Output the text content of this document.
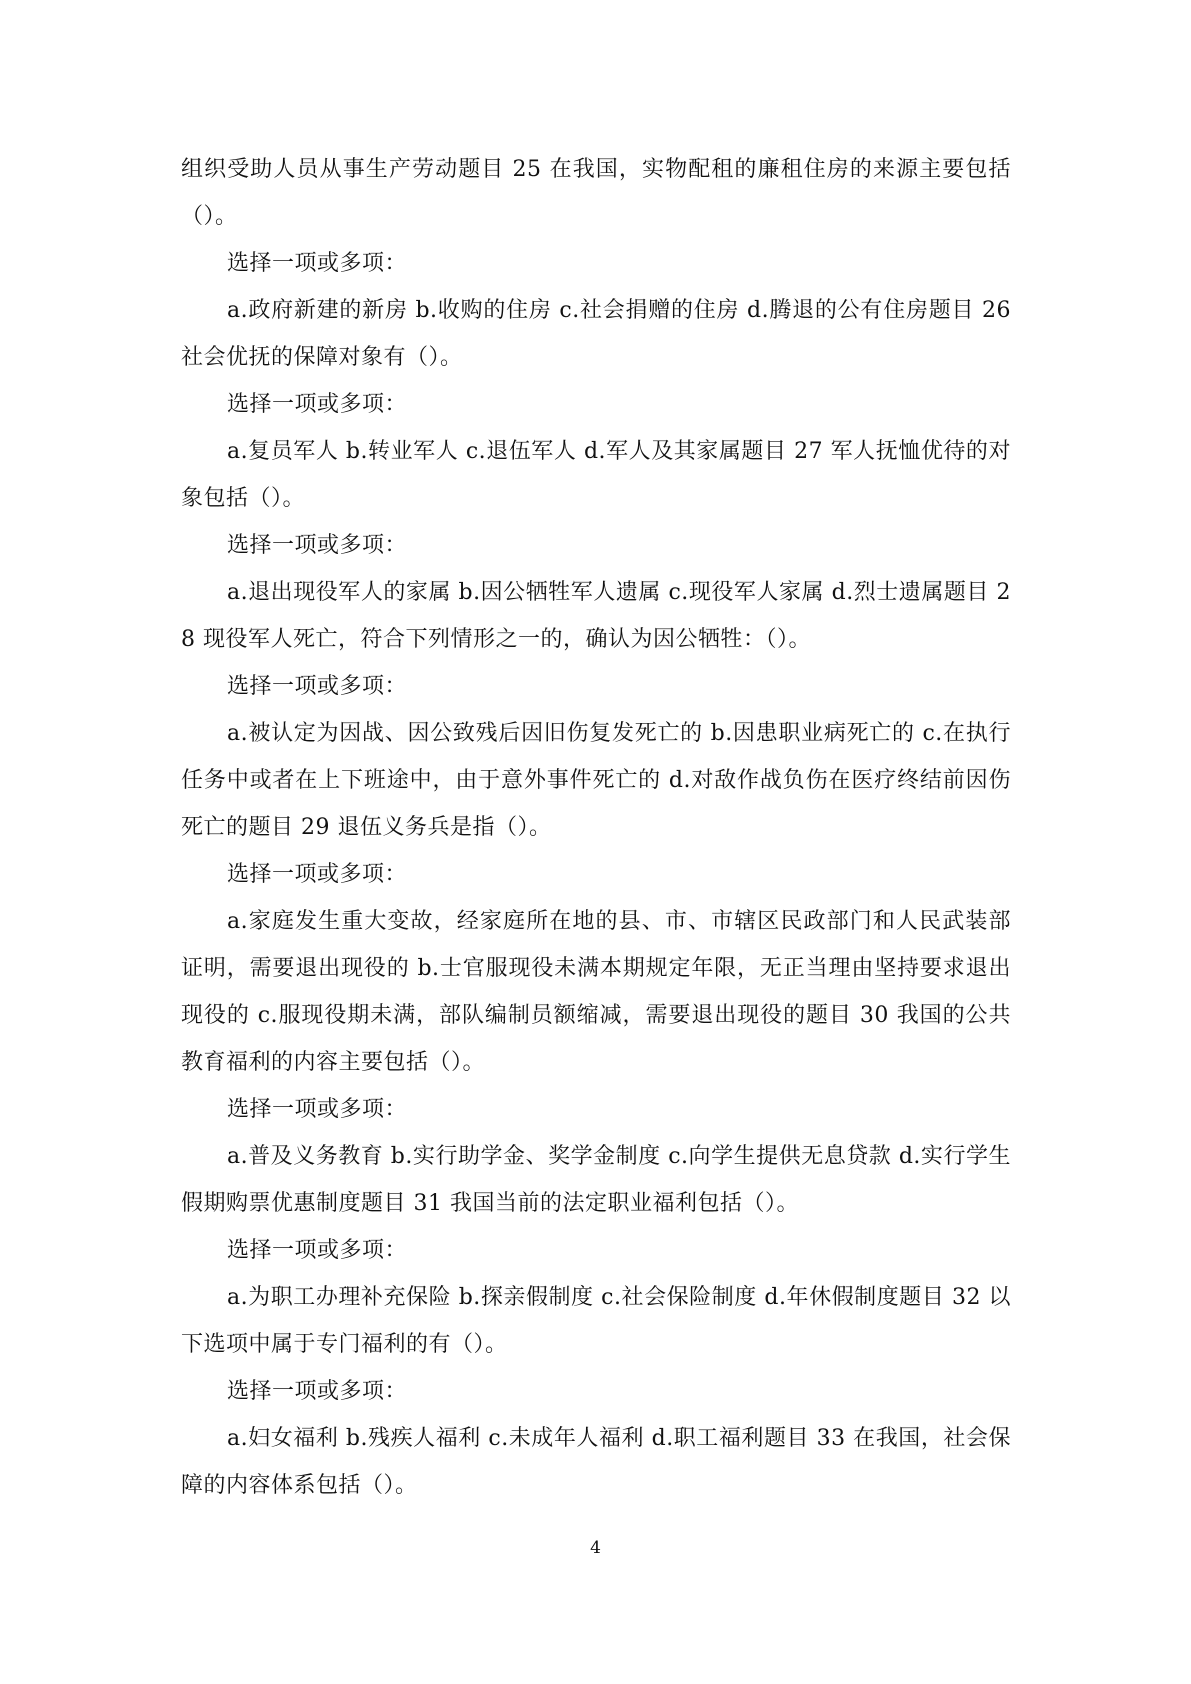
组织受助人员从事生产劳动题目 25 在我国，实物配租的廉租住房的来源主要包括（）。

选择一项或多项：

a.政府新建的新房 b.收购的住房 c.社会捐赠的住房 d.腾退的公有住房题目 26 社会优抚的保障对象有（）。

选择一项或多项：

a.复员军人 b.转业军人 c.退伍军人 d.军人及其家属题目 27 军人抚恤优待的对象包括（）。

选择一项或多项：

a.退出现役军人的家属 b.因公牺牲军人遗属 c.现役军人家属 d.烈士遗属题目 28 现役军人死亡，符合下列情形之一的，确认为因公牺牲：（）。

选择一项或多项：

a.被认定为因战、因公致残后因旧伤复发死亡的 b.因患职业病死亡的 c.在执行任务中或者在上下班途中，由于意外事件死亡的 d.对敌作战负伤在医疗终结前因伤死亡的题目 29 退伍义务兵是指（）。

选择一项或多项：

a.家庭发生重大变故，经家庭所在地的县、市、市辖区民政部门和人民武装部证明，需要退出现役的 b.士官服现役未满本期规定年限，无正当理由坚持要求退出现役的 c.服现役期未满，部队编制员额缩减，需要退出现役的题目 30 我国的公共教育福利的内容主要包括（）。

选择一项或多项：

a.普及义务教育 b.实行助学金、奖学金制度 c.向学生提供无息贷款 d.实行学生假期购票优惠制度题目 31 我国当前的法定职业福利包括（）。

选择一项或多项：

a.为职工办理补充保险 b.探亲假制度 c.社会保险制度 d.年休假制度题目 32 以下选项中属于专门福利的有（）。

选择一项或多项：

a.妇女福利 b.残疾人福利 c.未成年人福利 d.职工福利题目 33 在我国，社会保障的内容体系包括（）。

4
